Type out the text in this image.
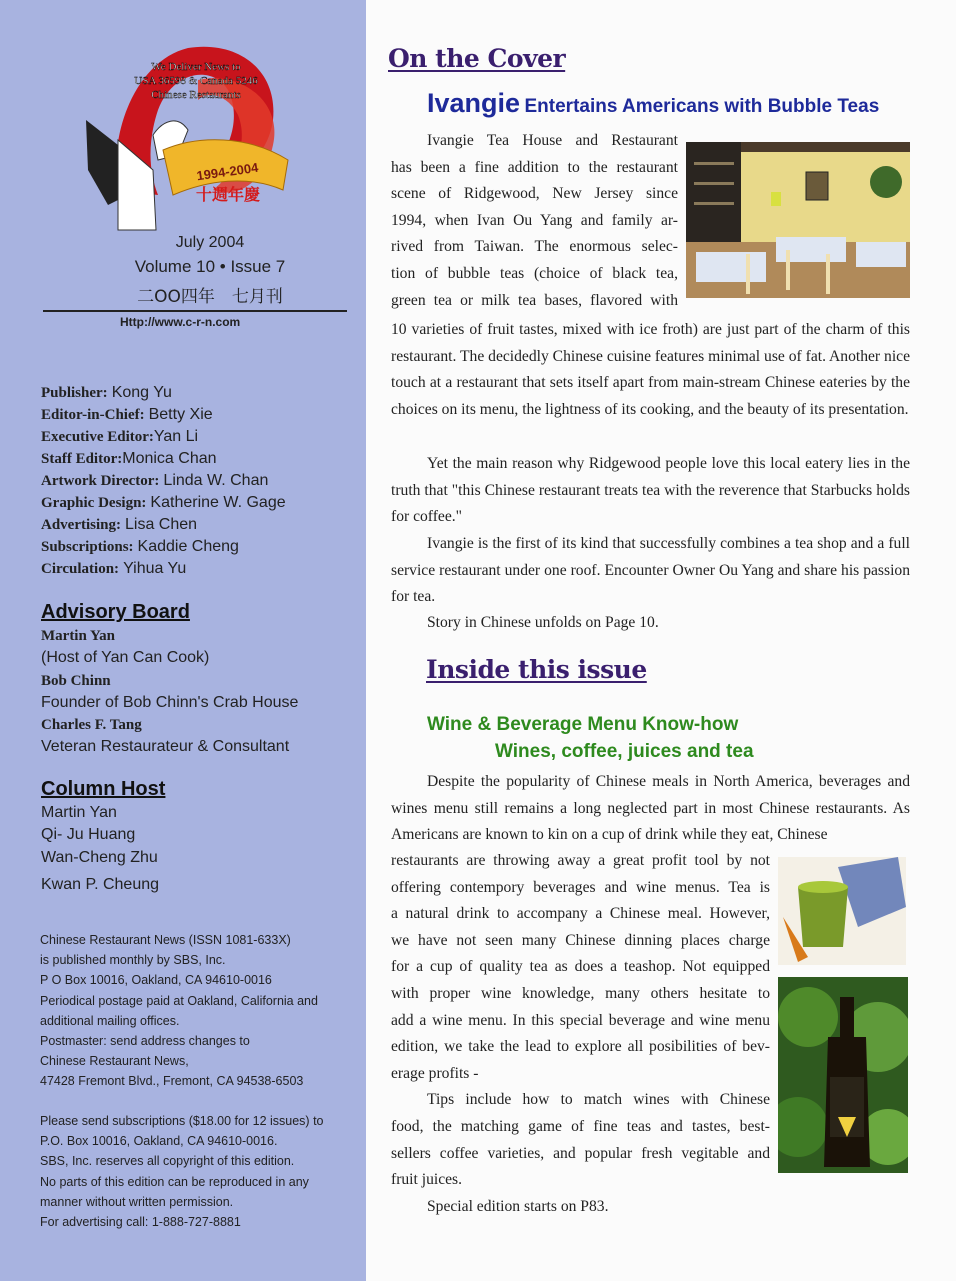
1994-2004
十週年慶
We Deliver News to
USA 36598 & Canada 5246
Chinese Restaurants
July 2004
Volume 10 • Issue 7
二OO四年　七月刊
Http://www.c-r-n.com
Publisher: Kong Yu
Editor-in-Chief: Betty Xie
Executive Editor:Yan Li
Staff Editor:Monica Chan
Artwork Director: Linda W. Chan
Graphic Design: Katherine W. Gage
Advertising: Lisa Chen
Subscriptions: Kaddie Cheng
Circulation: Yihua Yu
Advisory Board
Martin Yan
(Host of Yan Can Cook)
Bob Chinn
Founder of Bob Chinn's Crab House
Charles F. Tang
Veteran Restaurateur & Consultant
Column Host
Martin Yan
Qi- Ju Huang
Wan-Cheng Zhu
Kwan P. Cheung
Chinese Restaurant News (ISSN 1081-633X)
is published monthly by SBS, Inc.
P O Box 10016, Oakland, CA 94610-0016
Periodical postage paid at Oakland, California and
additional mailing offices.
Postmaster: send address changes to
Chinese Restaurant News,
47428 Fremont Blvd., Fremont, CA 94538-6503
Please send subscriptions ($18.00 for 12 issues) to
P.O. Box 10016, Oakland, CA 94610-0016.
SBS, Inc. reserves all copyright of this edition.
No parts of this edition can be reproduced in any
manner without written permission.
For advertising call: 1-888-727-8881
On the Cover
Ivangie Entertains Americans with Bubble Teas
Ivangie Tea House and Restaurant
has been a fine addition to the restaurant
scene of Ridgewood, New Jersey since
1994, when Ivan Ou Yang and family ar-
rived from Taiwan. The enormous selec-
tion of bubble teas (choice of black tea,
green tea or milk tea bases, flavored with
10 varieties of fruit tastes, mixed with ice froth) are just part of the charm of this restaurant. The decidedly Chinese cuisine features minimal use of fat. Another nice touch at a restaurant that sets itself apart from main-stream Chinese eateries by the choices on its menu, the lightness of its cooking, and the beauty of its presentation.
Yet the main reason why Ridgewood people love this local eatery lies in the truth that "this Chinese restaurant treats tea with the reverence that Starbucks holds for coffee."
Ivangie is the first of its kind that successfully combines a tea shop and a full service restaurant under one roof. Encounter Owner Ou Yang and share his passion for tea.
Story in Chinese unfolds on Page 10.
Inside this issue
Wine & Beverage Menu Know-how
Wines, coffee, juices and tea
Despite the popularity of Chinese meals in North America, beverages and wines menu still remains a long neglected part in most Chinese restaurants. As Americans are known to kin on a cup of drink while they eat, Chinese
restaurants are throwing away a great profit tool by not
offering contempory beverages and wine menus. Tea is
a natural drink to accompany a Chinese meal. However,
we have not seen many Chinese dinning places charge
for a cup of quality tea as does a teashop. Not equipped
with proper wine knowledge, many others hesitate to
add a wine menu. In this special beverage and wine menu
edition, we take the lead to explore all posibilities of bev-
erage profits -
Tips include how to match wines with Chinese
food, the matching game of fine teas and tastes, best-
sellers coffee varieties, and popular fresh vegitable and
fruit juices.
Special edition starts on P83.
